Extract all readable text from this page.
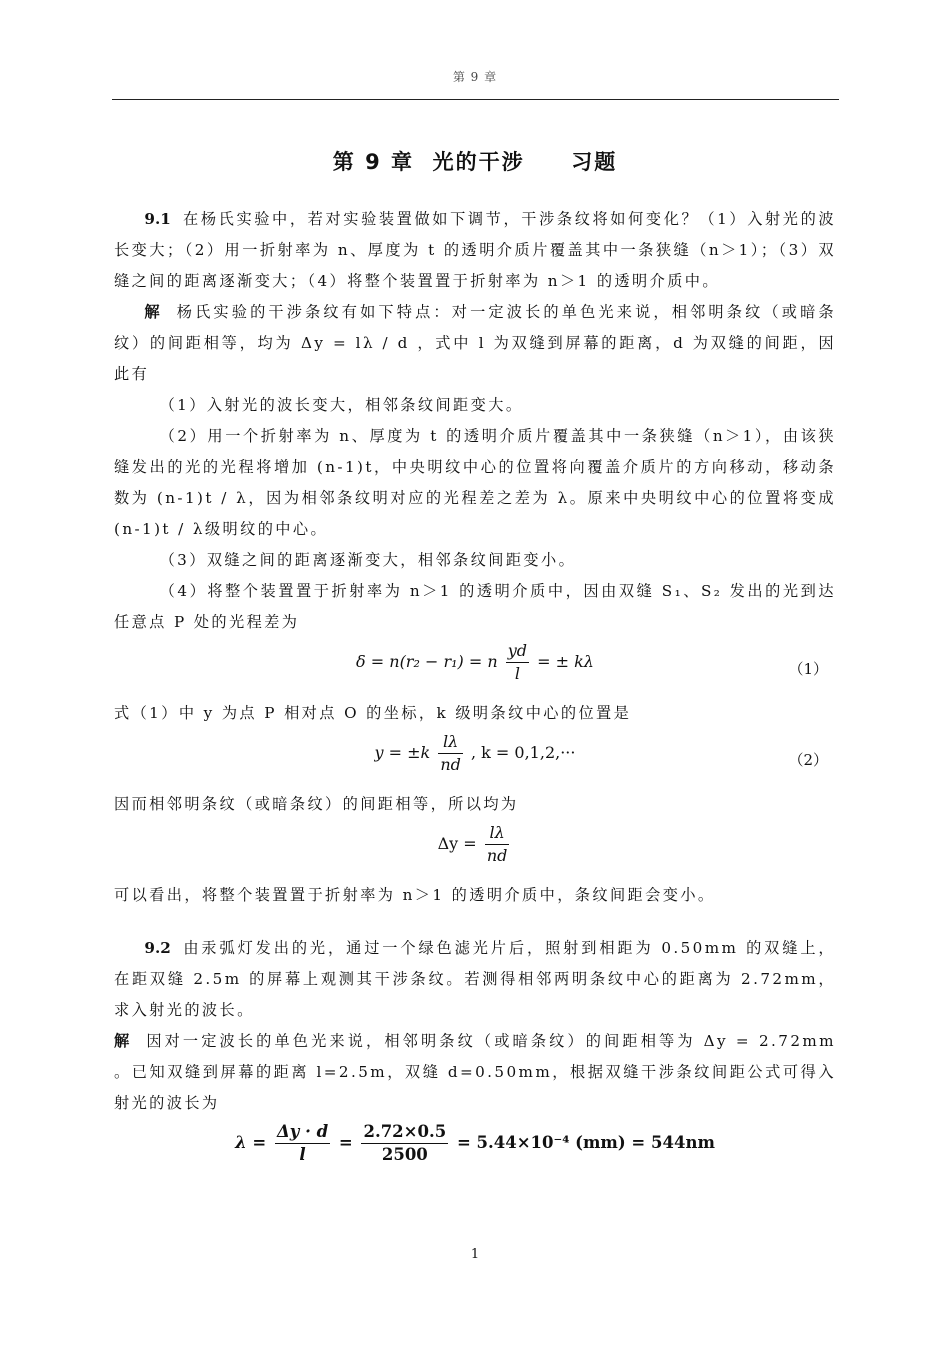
第 9 章
第 9 章  光的干涉     习题

9.1 在杨氏实验中，若对实验装置做如下调节，干涉条纹将如何变化？（1）入射光的波长变大；（2）用一折射率为 n、厚度为 t 的透明介质片覆盖其中一条狭缝（n＞1）；（3）双缝之间的距离逐渐变大；（4）将整个装置置于折射率为 n＞1 的透明介质中。

解 杨氏实验的干涉条纹有如下特点：对一定波长的单色光来说，相邻明条纹（或暗条纹）的间距相等，均为 Δy = lλ / d ，式中 l 为双缝到屏幕的距离，d 为双缝的间距，因此有

（1）入射光的波长变大，相邻条纹间距变大。

（2）用一个折射率为 n、厚度为 t 的透明介质片覆盖其中一条狭缝（n＞1），由该狭缝发出的光的光程将增加 (n-1)t，中央明纹中心的位置将向覆盖介质片的方向移动，移动条数为 (n-1)t / λ，因为相邻条纹明对应的光程差之差为 λ。原来中央明纹中心的位置将变成 (n-1)t / λ级明纹的中心。

（3）双缝之间的距离逐渐变大，相邻条纹间距变小。

（4）将整个装置置于折射率为 n＞1 的透明介质中，因由双缝 S₁、S₂ 发出的光到达任意点 P 处的光程差为

δ = n(r₂ − r₁) = n $\frac{yd}{l}$ = ± kλ	（1）

式（1）中 y 为点 P 相对点 O 的坐标，k 级明条纹中心的位置是

$y = \pm k \frac{l\lambda}{nd}$ , k = 0,1,2,···	（2）

因而相邻明条纹（或暗条纹）的间距相等，所以均为

$\Delta y = \frac{l\lambda}{nd}$

可以看出，将整个装置置于折射率为 n＞1 的透明介质中，条纹间距会变小。

9.2 由汞弧灯发出的光，通过一个绿色滤光片后，照射到相距为 0.50mm 的双缝上，在距双缝 2.5m 的屏幕上观测其干涉条纹。若测得相邻两明条纹中心的距离为 2.72mm，求入射光的波长。

解 因对一定波长的单色光来说，相邻明条纹（或暗条纹）的间距相等为 Δy = 2.72mm 。已知双缝到屏幕的距离 l=2.5m，双缝 d=0.50mm，根据双缝干涉条纹间距公式可得入射光的波长为

$\lambda = \frac{\Delta y \cdot d}{l} = \frac{2.72\times 0.5}{2500} = 5.44\times 10^{-4}$ (mm) = 544nm
1
